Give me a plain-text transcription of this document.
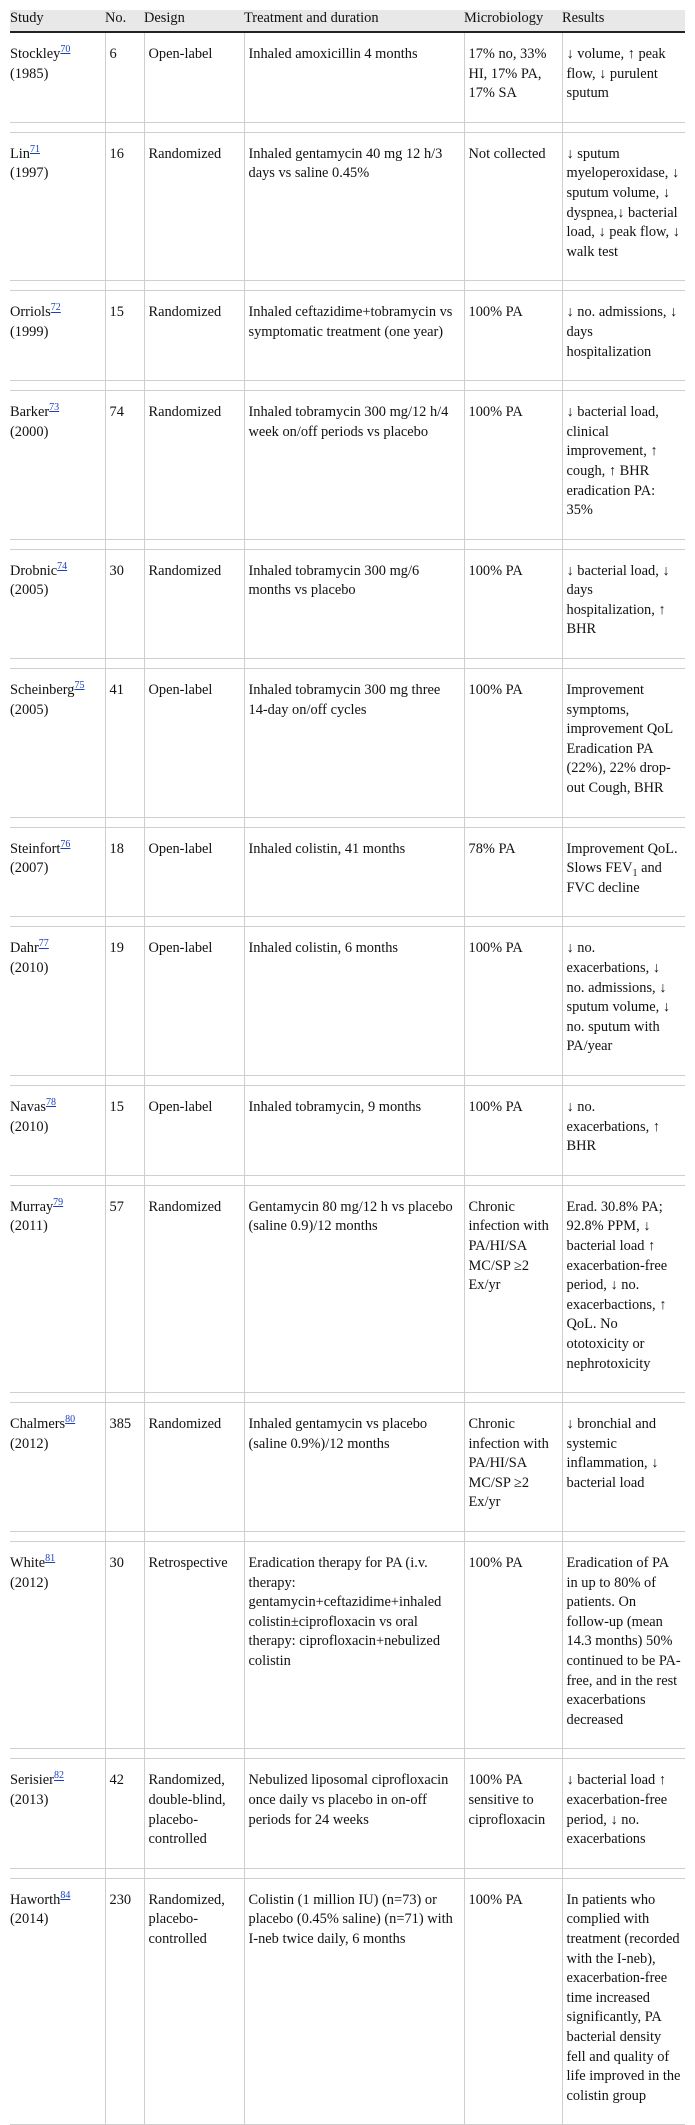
Study	No.	Design	Treatment and duration	Microbiology	Results
Stockley$^{70}$
(1985)	6	Open-label	Inhaled amoxicillin 4 months	17% no, 33% HI, 17% PA, 17% SA	↓ volume, ↑ peak flow, ↓ purulent sputum

Lin$^{71}$
(1997)	16	Randomized	Inhaled gentamycin 40 mg 12 h/3 days vs saline 0.45%	Not collected	↓ sputum myeloperoxidase, ↓ sputum volume, ↓ dyspnea,↓ bacterial load, ↓ peak flow, ↓ walk test

Orriols$^{72}$
(1999)	15	Randomized	Inhaled ceftazidime+tobramycin vs symptomatic treatment (one year)	100% PA	↓ no. admissions, ↓ days hospitalization

Barker$^{73}$
(2000)	74	Randomized	Inhaled tobramycin 300 mg/12 h/4 week on/off periods vs placebo	100% PA	↓ bacterial load, clinical improvement, ↑ cough, ↑ BHR eradication PA: 35%

Drobnic$^{74}$
(2005)	30	Randomized	Inhaled tobramycin 300 mg/6 months vs placebo	100% PA	↓ bacterial load, ↓ days hospitalization, ↑ BHR

Scheinberg$^{75}$
(2005)	41	Open-label	Inhaled tobramycin 300 mg three 14-day on/off cycles	100% PA	Improvement symptoms, improvement QoL Eradication PA (22%), 22% drop-out Cough, BHR

Steinfort$^{76}$
(2007)	18	Open-label	Inhaled colistin, 41 months	78% PA	Improvement QoL. Slows $FEV_1$ and FVC decline

Dahr$^{77}$
(2010)	19	Open-label	Inhaled colistin, 6 months	100% PA	↓ no. exacerbations, ↓ no. admissions, ↓ sputum volume, ↓ no. sputum with PA/year

Navas$^{78}$
(2010)	15	Open-label	Inhaled tobramycin, 9 months	100% PA	↓ no. exacerbations, ↑ BHR

Murray$^{79}$
(2011)	57	Randomized	Gentamycin 80 mg/12 h vs placebo (saline 0.9)/12 months	Chronic infection with PA/HI/SA MC/SP ≥2 Ex/yr	Erad. 30.8% PA; 92.8% PPM, ↓ bacterial load ↑ exacerbation-free period, ↓ no. exacerbactions, ↑ QoL. No ototoxicity or nephrotoxicity

Chalmers$^{80}$
(2012)	385	Randomized	Inhaled gentamycin vs placebo (saline 0.9%)/12 months	Chronic infection with PA/HI/SA MC/SP ≥2 Ex/yr	↓ bronchial and systemic inflammation, ↓ bacterial load

White$^{81}$
(2012)	30	Retrospective	Eradication therapy for PA (i.v. therapy: gentamycin+ceftazidime+inhaled colistin±ciprofloxacin vs oral therapy: ciprofloxacin+nebulized colistin	100% PA	Eradication of PA in up to 80% of patients. On follow-up (mean 14.3 months) 50% continued to be PA-free, and in the rest exacerbations decreased

Serisier$^{82}$
(2013)	42	Randomized, double-blind, placebo-controlled	Nebulized liposomal ciprofloxacin once daily vs placebo in on-off periods for 24 weeks	100% PA sensitive to ciprofloxacin	↓ bacterial load ↑ exacerbation-free period, ↓ no. exacerbations

Haworth$^{84}$
(2014)	230	Randomized, placebo-controlled	Colistin (1 million IU) (n=73) or placebo (0.45% saline) (n=71) with I-neb twice daily, 6 months	100% PA	In patients who complied with treatment (recorded with the I-neb), exacerbation-free time increased significantly, PA bacterial density fell and quality of life improved in the colistin group
